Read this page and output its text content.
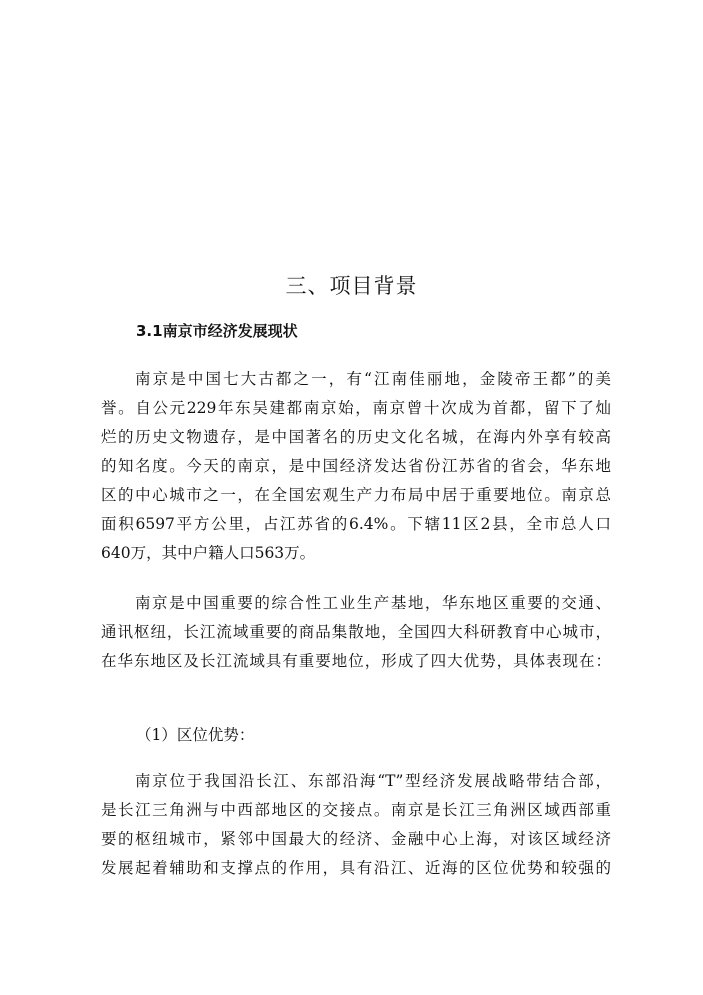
三、项目背景
3.1南京市经济发展现状
南京是中国七大古都之一，有“江南佳丽地，金陵帝王都”的美
誉。自公元229年东吴建都南京始，南京曾十次成为首都，留下了灿
烂的历史文物遗存，是中国著名的历史文化名城，在海内外享有较高
的知名度。今天的南京，是中国经济发达省份江苏省的省会，华东地
区的中心城市之一，在全国宏观生产力布局中居于重要地位。南京总
面积6597平方公里，占江苏省的6.4%。下辖11区2县，全市总人口
640万，其中户籍人口563万。
南京是中国重要的综合性工业生产基地，华东地区重要的交通、
通讯枢纽，长江流域重要的商品集散地，全国四大科研教育中心城市，
在华东地区及长江流域具有重要地位，形成了四大优势，具体表现在：
（1）区位优势：
南京位于我国沿长江、东部沿海“T”型经济发展战略带结合部，
是长江三角洲与中西部地区的交接点。南京是长江三角洲区域西部重
要的枢纽城市，紧邻中国最大的经济、金融中心上海，对该区域经济
发展起着辅助和支撑点的作用，具有沿江、近海的区位优势和较强的
